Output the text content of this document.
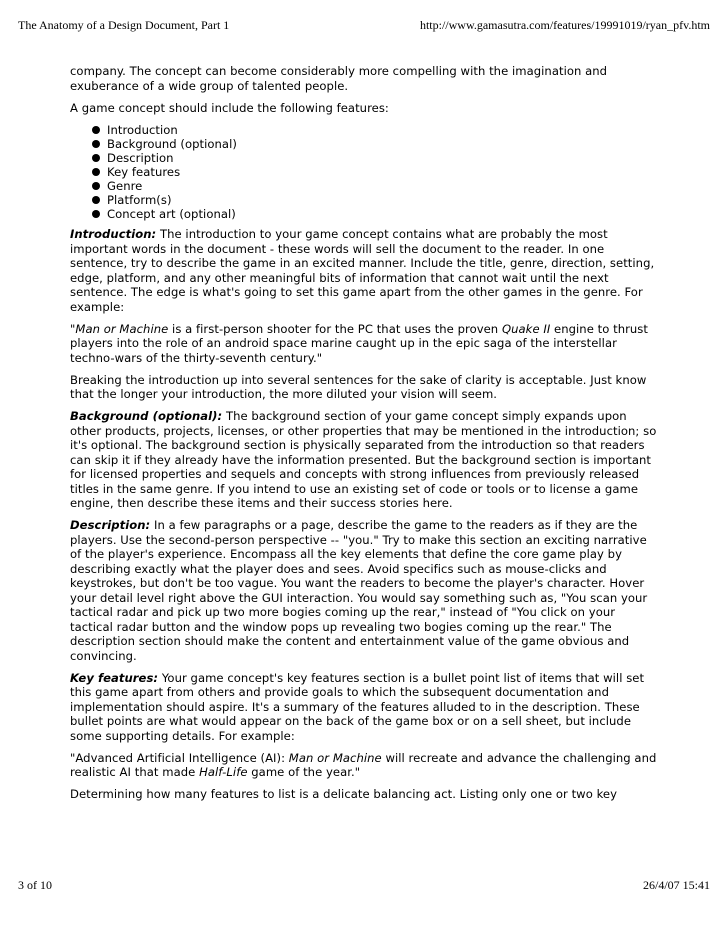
The Anatomy of a Design Document, Part 1	http://www.gamasutra.com/features/19991019/ryan_pfv.htm

company. The concept can become considerably more compelling with the imagination and exuberance of a wide group of talented people.

A game concept should include the following features:

Introduction
Background (optional)
Description
Key features
Genre
Platform(s)
Concept art (optional)

Introduction: The introduction to your game concept contains what are probably the most important words in the document - these words will sell the document to the reader. In one sentence, try to describe the game in an excited manner. Include the title, genre, direction, setting, edge, platform, and any other meaningful bits of information that cannot wait until the next sentence. The edge is what's going to set this game apart from the other games in the genre. For example:

"Man or Machine is a first-person shooter for the PC that uses the proven Quake II engine to thrust players into the role of an android space marine caught up in the epic saga of the interstellar techno-wars of the thirty-seventh century."

Breaking the introduction up into several sentences for the sake of clarity is acceptable. Just know that the longer your introduction, the more diluted your vision will seem.

Background (optional): The background section of your game concept simply expands upon other products, projects, licenses, or other properties that may be mentioned in the introduction; so it's optional. The background section is physically separated from the introduction so that readers can skip it if they already have the information presented. But the background section is important for licensed properties and sequels and concepts with strong influences from previously released titles in the same genre. If you intend to use an existing set of code or tools or to license a game engine, then describe these items and their success stories here.

Description: In a few paragraphs or a page, describe the game to the readers as if they are the players. Use the second-person perspective -- "you." Try to make this section an exciting narrative of the player's experience. Encompass all the key elements that define the core game play by describing exactly what the player does and sees. Avoid specifics such as mouse-clicks and keystrokes, but don't be too vague. You want the readers to become the player's character. Hover your detail level right above the GUI interaction. You would say something such as, "You scan your tactical radar and pick up two more bogies coming up the rear," instead of "You click on your tactical radar button and the window pops up revealing two bogies coming up the rear." The description section should make the content and entertainment value of the game obvious and convincing.

Key features: Your game concept's key features section is a bullet point list of items that will set this game apart from others and provide goals to which the subsequent documentation and implementation should aspire. It's a summary of the features alluded to in the description. These bullet points are what would appear on the back of the game box or on a sell sheet, but include some supporting details. For example:

"Advanced Artificial Intelligence (AI): Man or Machine will recreate and advance the challenging and realistic AI that made Half-Life game of the year."

Determining how many features to list is a delicate balancing act. Listing only one or two key

3 of 10	26/4/07 15:41
